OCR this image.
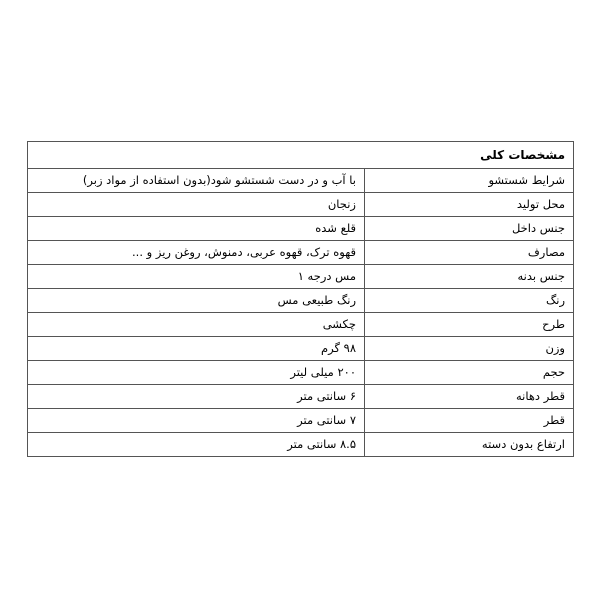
مشخصات کلی	
شرایط شستشو	با آب و در دست شستشو شود(بدون استفاده از مواد زبر)
محل تولید	زنجان
جنس داخل	قلع شده
مصارف	قهوه ترک، قهوه عربی، دمنوش، روغن ریز و ...
جنس بدنه	مس درجه ۱
رنگ	رنگ طبیعی مس
طرح	چکشی
وزن	۹۸ گرم
حجم	۲۰۰ میلی لیتر
قطر دهانه	۶ سانتی متر
قطر	۷ سانتی متر
ارتفاع بدون دسته	۸.۵ سانتی متر
